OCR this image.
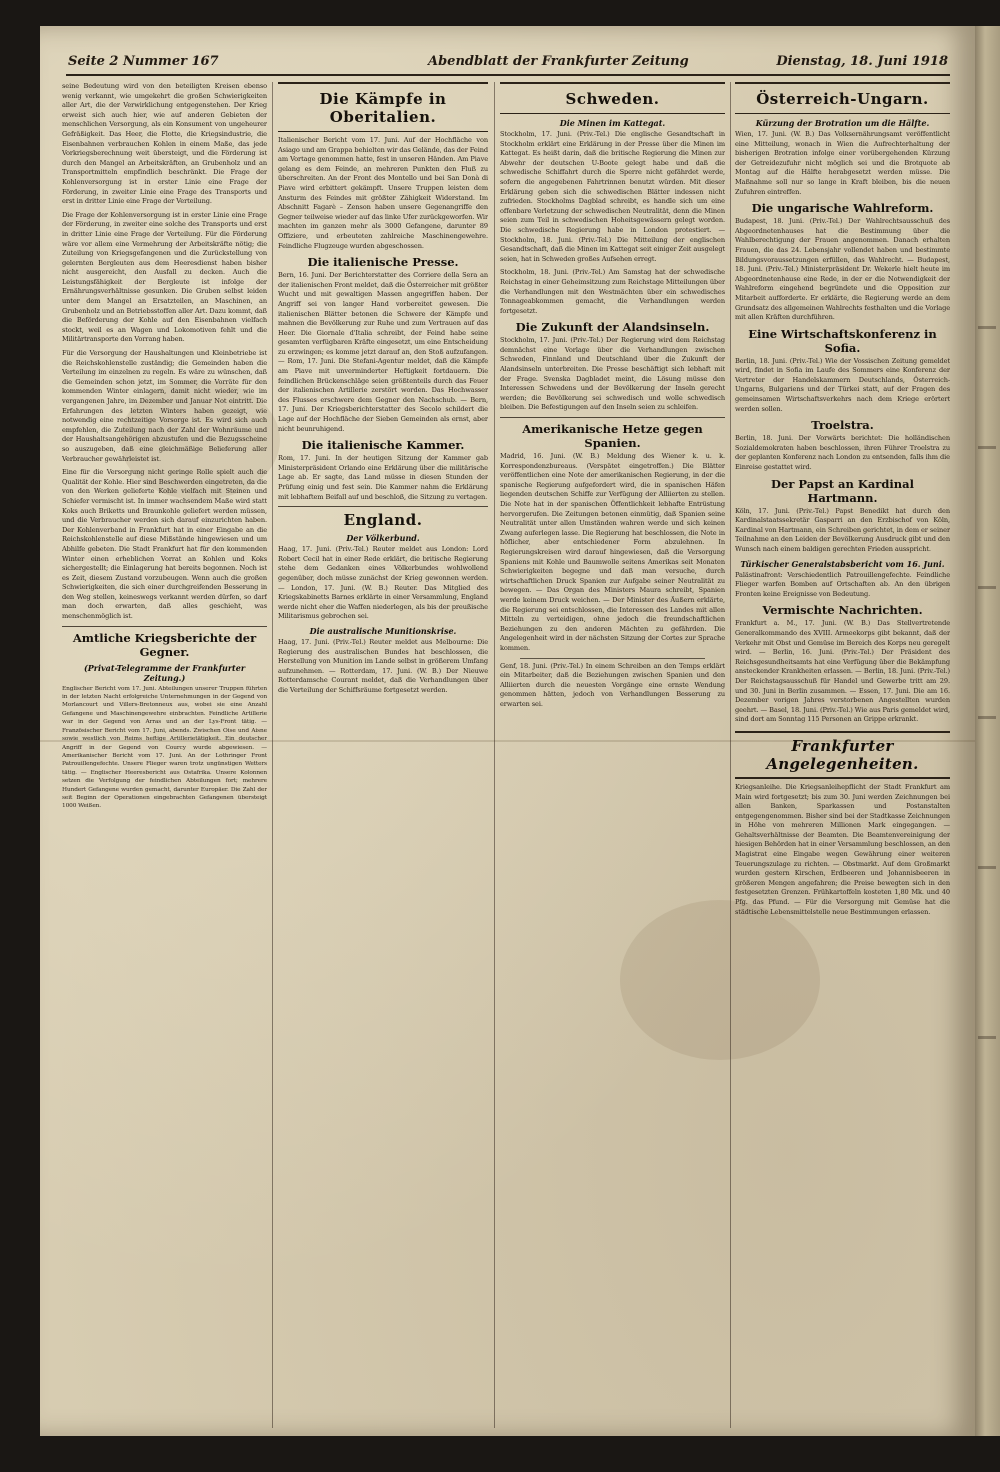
Seite 2 Nummer 167	Abendblatt der Frankfurter Zeitung	Dienstag, 18. Juni 1918

seine Bedeutung wird von den beteiligten Kreisen ebenso wenig verkannt, wie umgekehrt die großen Schwierigkeiten aller Art, die der Verwirklichung entgegenstehen. Der Krieg erweist sich auch hier, wie auf anderen Gebieten der menschlichen Versorgung, als ein Konsument von ungeheurer Gefräßigkeit. Das Heer, die Flotte, die Kriegsindustrie, die Eisenbahnen verbrauchen Kohlen in einem Maße, das jede Vorkriegsberechnung weit übersteigt, und die Förderung ist durch den Mangel an Arbeitskräften, an Grubenholz und an Transportmitteln empfindlich beschränkt. Die Frage der Kohlenversorgung ist in erster Linie eine Frage der Förderung, in zweiter Linie eine Frage des Transports und erst in dritter Linie eine Frage der Verteilung.

Die Frage der Kohlenversorgung ist in erster Linie eine Frage der Förderung, in zweiter eine solche des Transports und erst in dritter Linie eine Frage der Verteilung. Für die Förderung wäre vor allem eine Vermehrung der Arbeitskräfte nötig; die Zuteilung von Kriegsgefangenen und die Zurückstellung von gelernten Bergleuten aus dem Heeresdienst haben bisher nicht ausgereicht, den Ausfall zu decken. Auch die Leistungsfähigkeit der Bergleute ist infolge der Ernährungsverhältnisse gesunken. Die Gruben selbst leiden unter dem Mangel an Ersatzteilen, an Maschinen, an Grubenholz und an Betriebsstoffen aller Art. Dazu kommt, daß die Beförderung der Kohle auf den Eisenbahnen vielfach stockt, weil es an Wagen und Lokomotiven fehlt und die Militärtransporte den Vorrang haben.

Für die Versorgung der Haushaltungen und Kleinbetriebe ist die Reichskohlenstelle zuständig; die Gemeinden haben die Verteilung im einzelnen zu regeln. Es wäre zu wünschen, daß die Gemeinden schon jetzt, im Sommer, die Vorräte für den kommenden Winter einlagern, damit nicht wieder, wie im vergangenen Jahre, im Dezember und Januar Not eintritt. Die Erfahrungen des letzten Winters haben gezeigt, wie notwendig eine rechtzeitige Vorsorge ist. Es wird sich auch empfehlen, die Zuteilung nach der Zahl der Wohnräume und der Haushaltsangehörigen abzustufen und die Bezugsscheine so auszugeben, daß eine gleichmäßige Belieferung aller Verbraucher gewährleistet ist.

Eine für die Versorgung nicht geringe Rolle spielt auch die Qualität der Kohle. Hier sind Beschwerden eingetreten, da die von den Werken gelieferte Kohle vielfach mit Steinen und Schiefer vermischt ist. In immer wachsendem Maße wird statt Koks auch Briketts und Braunkohle geliefert werden müssen, und die Verbraucher werden sich darauf einzurichten haben. Der Kohlenverband in Frankfurt hat in einer Eingabe an die Reichskohlenstelle auf diese Mißstände hingewiesen und um Abhilfe gebeten. Die Stadt Frankfurt hat für den kommenden Winter einen erheblichen Vorrat an Kohlen und Koks sichergestellt; die Einlagerung hat bereits begonnen. Noch ist es Zeit, diesem Zustand vorzubeugen. Wenn auch die großen Schwierigkeiten, die sich einer durchgreifenden Besserung in den Weg stellen, keineswegs verkannt werden dürfen, so darf man doch erwarten, daß alles geschieht, was menschenmöglich ist.

Amtliche Kriegsberichte der Gegner.
(Privat-Telegramme der Frankfurter Zeitung.)

Englischer Bericht vom 17. Juni. Abteilungen unserer Truppen führten in der letzten Nacht erfolgreiche Unternehmungen in der Gegend von Morlancourt und Villers-Bretonneux aus, wobei sie eine Anzahl Gefangene und Maschinengewehre einbrachten. Feindliche Artillerie war in der Gegend von Arras und an der Lys-Front tätig. — Französischer Bericht vom 17. Juni, abends. Zwischen Oise und Aisne sowie westlich von Reims heftige Artillerietätigkeit. Ein deutscher Angriff in der Gegend von Courcy wurde abgewiesen. — Amerikanischer Bericht vom 17. Juni. An der Lothringer Front Patrouillengefechte. Unsere Flieger waren trotz ungünstigen Wetters tätig. — Englischer Heeresbericht aus Ostafrika. Unsere Kolonnen setzen die Verfolgung der feindlichen Abteilungen fort; mehrere Hundert Gefangene wurden gemacht, darunter Europäer. Die Zahl der seit Beginn der Operationen eingebrachten Gefangenen übersteigt 1000 Weißen.

Die Kämpfe in Oberitalien.

Italienischer Bericht vom 17. Juni. Auf der Hochfläche von Asiago und am Grappa behielten wir das Gelände, das der Feind am Vortage genommen hatte, fest in unseren Händen. Am Piave gelang es dem Feinde, an mehreren Punkten den Fluß zu überschreiten. An der Front des Montello und bei San Donà di Piave wird erbittert gekämpft. Unsere Truppen leisten dem Ansturm des Feindes mit größter Zähigkeit Widerstand. Im Abschnitt Fagarè – Zenson haben unsere Gegenangriffe den Gegner teilweise wieder auf das linke Ufer zurückgeworfen. Wir machten im ganzen mehr als 3000 Gefangene, darunter 89 Offiziere, und erbeuteten zahlreiche Maschinengewehre. Feindliche Flugzeuge wurden abgeschossen.

Die italienische Presse.

Bern, 16. Juni. Der Berichterstatter des Corriere della Sera an der italienischen Front meldet, daß die Österreicher mit größter Wucht und mit gewaltigen Massen angegriffen haben. Der Angriff sei von langer Hand vorbereitet gewesen. Die italienischen Blätter betonen die Schwere der Kämpfe und mahnen die Bevölkerung zur Ruhe und zum Vertrauen auf das Heer. Die Giornale d'Italia schreibt, der Feind habe seine gesamten verfügbaren Kräfte eingesetzt, um eine Entscheidung zu erzwingen; es komme jetzt darauf an, den Stoß aufzufangen. — Rom, 17. Juni. Die Stefani-Agentur meldet, daß die Kämpfe am Piave mit unverminderter Heftigkeit fortdauern. Die feindlichen Brückenschläge seien größtenteils durch das Feuer der italienischen Artillerie zerstört worden. Das Hochwasser des Flusses erschwere dem Gegner den Nachschub. — Bern, 17. Juni. Der Kriegsberichterstatter des Secolo schildert die Lage auf der Hochfläche der Sieben Gemeinden als ernst, aber nicht beunruhigend.

Die italienische Kammer.

Rom, 17. Juni. In der heutigen Sitzung der Kammer gab Ministerpräsident Orlando eine Erklärung über die militärische Lage ab. Er sagte, das Land müsse in diesen Stunden der Prüfung einig und fest sein. Die Kammer nahm die Erklärung mit lebhaftem Beifall auf und beschloß, die Sitzung zu vertagen.

England.
Der Völkerbund.

Haag, 17. Juni. (Priv.-Tel.) Reuter meldet aus London: Lord Robert Cecil hat in einer Rede erklärt, die britische Regierung stehe dem Gedanken eines Völkerbundes wohlwollend gegenüber, doch müsse zunächst der Krieg gewonnen werden. — London, 17. Juni. (W. B.) Reuter. Das Mitglied des Kriegskabinetts Barnes erklärte in einer Versammlung, England werde nicht eher die Waffen niederlegen, als bis der preußische Militarismus gebrochen sei.

Die australische Munitionskrise.

Haag, 17. Juni. (Priv.-Tel.) Reuter meldet aus Melbourne: Die Regierung des australischen Bundes hat beschlossen, die Herstellung von Munition im Lande selbst in größerem Umfang aufzunehmen. — Rotterdam, 17. Juni. (W. B.) Der Nieuwe Rotterdamsche Courant meldet, daß die Verhandlungen über die Verteilung der Schiffsräume fortgesetzt werden.

Schweden.
Die Minen im Kattegat.

Stockholm, 17. Juni. (Priv.-Tel.) Die englische Gesandtschaft in Stockholm erklärt eine Erklärung in der Presse über die Minen im Kattegat. Es heißt darin, daß die britische Regierung die Minen zur Abwehr der deutschen U-Boote gelegt habe und daß die schwedische Schiffahrt durch die Sperre nicht gefährdet werde, sofern die angegebenen Fahrtrinnen benutzt würden. Mit dieser Erklärung geben sich die schwedischen Blätter indessen nicht zufrieden. Stockholms Dagblad schreibt, es handle sich um eine offenbare Verletzung der schwedischen Neutralität, denn die Minen seien zum Teil in schwedischen Hoheitsgewässern gelegt worden. Die schwedische Regierung habe in London protestiert. — Stockholm, 18. Juni. (Priv.-Tel.) Die Mitteilung der englischen Gesandtschaft, daß die Minen im Kattegat seit einiger Zeit ausgelegt seien, hat in Schweden großes Aufsehen erregt.

Stockholm, 18. Juni. (Priv.-Tel.) Am Samstag hat der schwedische Reichstag in einer Geheimsitzung zum Reichstage Mitteilungen über die Verhandlungen mit den Westmächten über ein schwedisches Tonnageabkommen gemacht, die Verhandlungen werden fortgesetzt.

Die Zukunft der Alandsinseln.

Stockholm, 17. Juni. (Priv.-Tel.) Der Regierung wird dem Reichstag demnächst eine Vorlage über die Verhandlungen zwischen Schweden, Finnland und Deutschland über die Zukunft der Alandsinseln unterbreiten. Die Presse beschäftigt sich lebhaft mit der Frage. Svenska Dagbladet meint, die Lösung müsse den Interessen Schwedens und der Bevölkerung der Inseln gerecht werden; die Bevölkerung sei schwedisch und wolle schwedisch bleiben. Die Befestigungen auf den Inseln seien zu schleifen.

Amerikanische Hetze gegen Spanien.

Madrid, 16. Juni. (W. B.) Meldung des Wiener k. u. k. Korrespondenzbureaus. (Verspätet eingetroffen.) Die Blätter veröffentlichen eine Note der amerikanischen Regierung, in der die spanische Regierung aufgefordert wird, die in spanischen Häfen liegenden deutschen Schiffe zur Verfügung der Alliierten zu stellen. Die Note hat in der spanischen Öffentlichkeit lebhafte Entrüstung hervorgerufen. Die Zeitungen betonen einmütig, daß Spanien seine Neutralität unter allen Umständen wahren werde und sich keinen Zwang auferlegen lasse. Die Regierung hat beschlossen, die Note in höflicher, aber entschiedener Form abzulehnen. In Regierungskreisen wird darauf hingewiesen, daß die Versorgung Spaniens mit Kohle und Baumwolle seitens Amerikas seit Monaten Schwierigkeiten begegne und daß man versuche, durch wirtschaftlichen Druck Spanien zur Aufgabe seiner Neutralität zu bewegen. — Das Organ des Ministers Maura schreibt, Spanien werde keinem Druck weichen. — Der Minister des Äußern erklärte, die Regierung sei entschlossen, die Interessen des Landes mit allen Mitteln zu verteidigen, ohne jedoch die freundschaftlichen Beziehungen zu den anderen Mächten zu gefährden. Die Angelegenheit wird in der nächsten Sitzung der Cortes zur Sprache kommen.

Genf, 18. Juni. (Priv.-Tel.) In einem Schreiben an den Temps erklärt ein Mitarbeiter, daß die Beziehungen zwischen Spanien und den Alliierten durch die neuesten Vorgänge eine ernste Wendung genommen hätten, jedoch von Verhandlungen Besserung zu erwarten sei.

Österreich-Ungarn.
Kürzung der Brotration um die Hälfte.

Wien, 17. Juni. (W. B.) Das Volksernährungsamt veröffentlicht eine Mitteilung, wonach in Wien die Aufrechterhaltung der bisherigen Brotration infolge einer vorübergehenden Kürzung der Getreidezufuhr nicht möglich sei und die Brotquote ab Montag auf die Hälfte herabgesetzt werden müsse. Die Maßnahme soll nur so lange in Kraft bleiben, bis die neuen Zufuhren eintreffen.

Die ungarische Wahlreform.

Budapest, 18. Juni. (Priv.-Tel.) Der Wahlrechtsausschuß des Abgeordnetenhauses hat die Bestimmung über die Wahlberechtigung der Frauen angenommen. Danach erhalten Frauen, die das 24. Lebensjahr vollendet haben und bestimmte Bildungsvoraussetzungen erfüllen, das Wahlrecht. — Budapest, 18. Juni. (Priv.-Tel.) Ministerpräsident Dr. Wekerle hielt heute im Abgeordnetenhause eine Rede, in der er die Notwendigkeit der Wahlreform eingehend begründete und die Opposition zur Mitarbeit aufforderte. Er erklärte, die Regierung werde an dem Grundsatz des allgemeinen Wahlrechts festhalten und die Vorlage mit allen Kräften durchführen.

Eine Wirtschaftskonferenz in Sofia.

Berlin, 18. Juni. (Priv.-Tel.) Wie der Vossischen Zeitung gemeldet wird, findet in Sofia im Laufe des Sommers eine Konferenz der Vertreter der Handelskammern Deutschlands, Österreich-Ungarns, Bulgariens und der Türkei statt, auf der Fragen des gemeinsamen Wirtschaftsverkehrs nach dem Kriege erörtert werden sollen.

Troelstra.

Berlin, 18. Juni. Der Vorwärts berichtet: Die holländischen Sozialdemokraten haben beschlossen, ihren Führer Troelstra zu der geplanten Konferenz nach London zu entsenden, falls ihm die Einreise gestattet wird.

Der Papst an Kardinal Hartmann.

Köln, 17. Juni. (Priv.-Tel.) Papst Benedikt hat durch den Kardinalstaatssekretär Gasparri an den Erzbischof von Köln, Kardinal von Hartmann, ein Schreiben gerichtet, in dem er seiner Teilnahme an den Leiden der Bevölkerung Ausdruck gibt und den Wunsch nach einem baldigen gerechten Frieden ausspricht.

Türkischer Generalstabsbericht vom 16. Juni.

Palästinafront: Verschiedentlich Patrouillengefechte. Feindliche Flieger warfen Bomben auf Ortschaften ab. An den übrigen Fronten keine Ereignisse von Bedeutung.

Vermischte Nachrichten.

Frankfurt a. M., 17. Juni. (W. B.) Das Stellvertretende Generalkommando des XVIII. Armeekorps gibt bekannt, daß der Verkehr mit Obst und Gemüse im Bereich des Korps neu geregelt wird. — Berlin, 16. Juni. (Priv.-Tel.) Der Präsident des Reichsgesundheitsamts hat eine Verfügung über die Bekämpfung ansteckender Krankheiten erlassen. — Berlin, 18. Juni. (Priv.-Tel.) Der Reichstagsausschuß für Handel und Gewerbe tritt am 29. und 30. Juni in Berlin zusammen. — Essen, 17. Juni. Die am 16. Dezember vorigen Jahres verstorbenen Angestellten wurden geehrt. — Basel, 18. Juni. (Priv.-Tel.) Wie aus Paris gemeldet wird, sind dort am Sonntag 115 Personen an Grippe erkrankt.

Frankfurter Angelegenheiten.

Kriegsanleihe. Die Kriegsanleihepflicht der Stadt Frankfurt am Main wird fortgesetzt; bis zum 30. Juni werden Zeichnungen bei allen Banken, Sparkassen und Postanstalten entgegengenommen. Bisher sind bei der Stadtkasse Zeichnungen in Höhe von mehreren Millionen Mark eingegangen. — Gehaltsverhältnisse der Beamten. Die Beamtenvereinigung der hiesigen Behörden hat in einer Versammlung beschlossen, an den Magistrat eine Eingabe wegen Gewährung einer weiteren Teuerungszulage zu richten. — Obstmarkt. Auf dem Großmarkt wurden gestern Kirschen, Erdbeeren und Johannisbeeren in größeren Mengen angefahren; die Preise bewegten sich in den festgesetzten Grenzen. Frühkartoffeln kosteten 1,80 Mk. und 40 Pfg. das Pfund. — Für die Versorgung mit Gemüse hat die städtische Lebensmittelstelle neue Bestimmungen erlassen.
